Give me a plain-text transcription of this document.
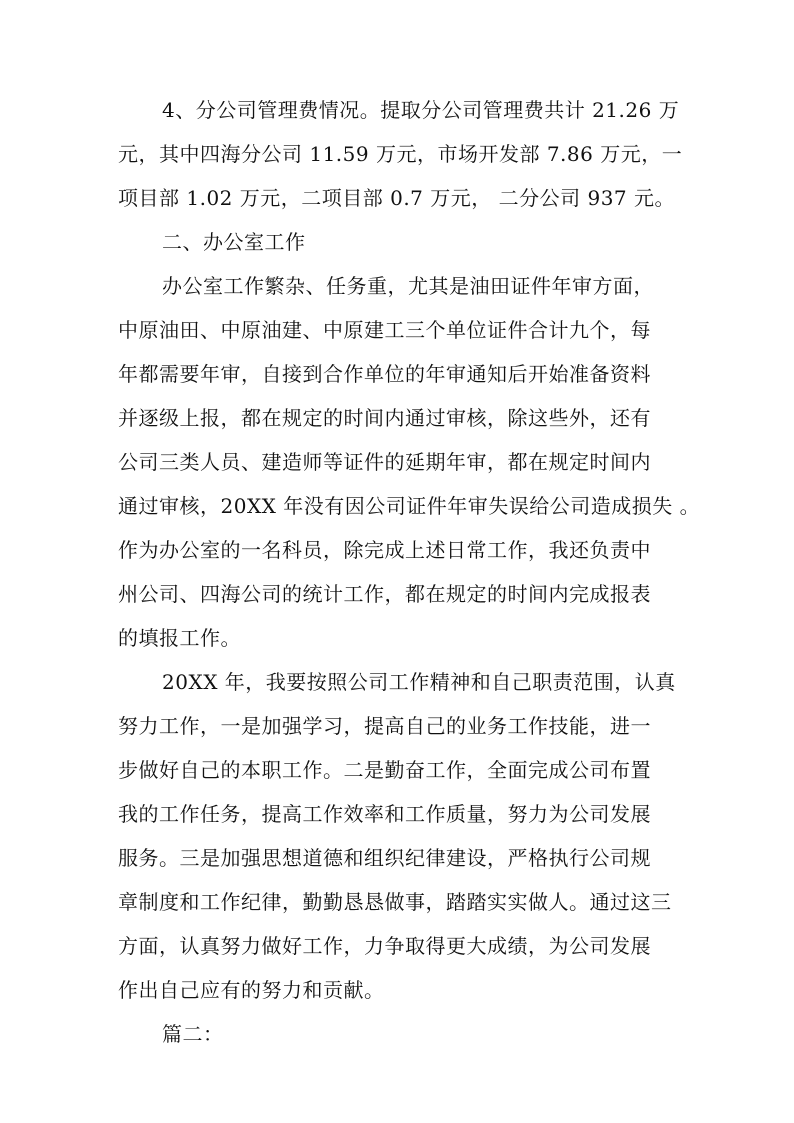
4、分公司管理费情况。提取分公司管理费共计 21.26 万
元，其中四海分公司 11.59 万元，市场开发部 7.86 万元，一
项目部 1.02 万元，二项目部 0.7 万元， 二分公司 937 元。
二、办公室工作
办公室工作繁杂、任务重，尤其是油田证件年审方面，
中原油田、中原油建、中原建工三个单位证件合计九个，每
年都需要年审，自接到合作单位的年审通知后开始准备资料
并逐级上报，都在规定的时间内通过审核，除这些外，还有
公司三类人员、建造师等证件的延期年审，都在规定时间内
通过审核，20XX 年没有因公司证件年审失误给公司造成损失 。
作为办公室的一名科员，除完成上述日常工作，我还负责中
州公司、四海公司的统计工作，都在规定的时间内完成报表
的填报工作。
20XX 年，我要按照公司工作精神和自己职责范围，认真
努力工作，一是加强学习，提高自己的业务工作技能，进一
步做好自己的本职工作。二是勤奋工作，全面完成公司布置
我的工作任务，提高工作效率和工作质量，努力为公司发展
服务。三是加强思想道德和组织纪律建设，严格执行公司规
章制度和工作纪律，勤勤恳恳做事，踏踏实实做人。通过这三
方面，认真努力做好工作，力争取得更大成绩，为公司发展
作出自己应有的努力和贡献。
篇二：
